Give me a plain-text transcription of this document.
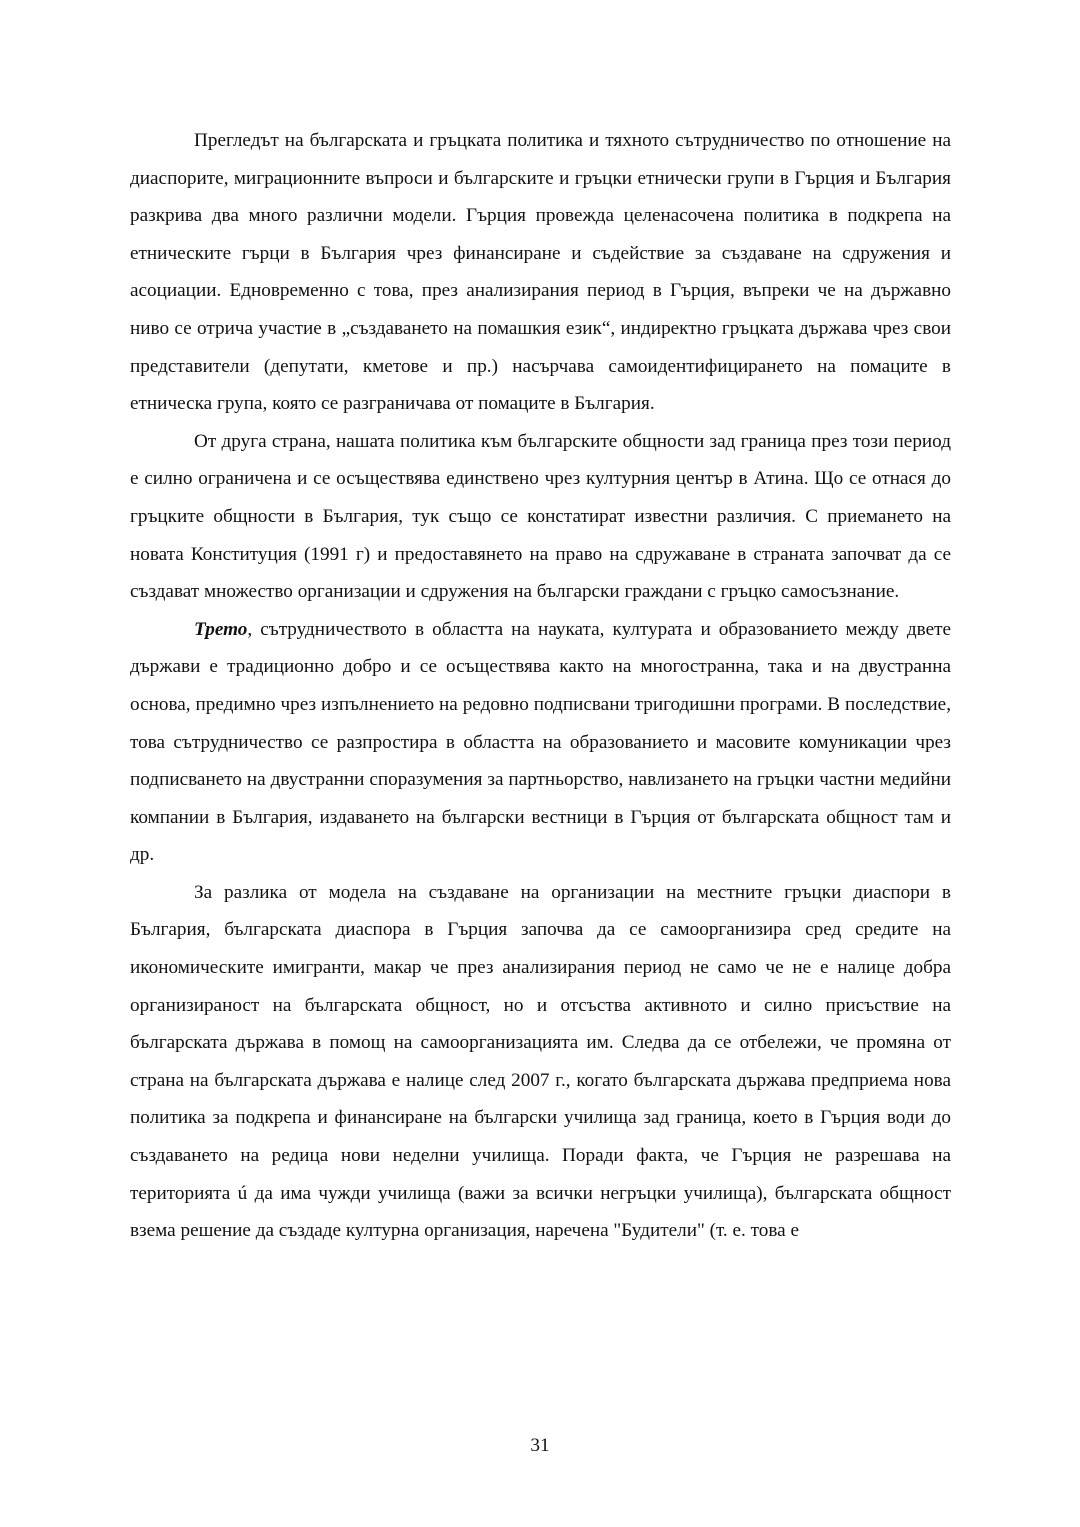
Прегледът на българската и гръцката политика и тяхното сътрудничество по отношение на диаспорите, миграционните въпроси и българските и гръцки етнически групи в Гърция и България разкрива два много различни модели. Гърция провежда целенасочена политика в подкрепа на етническите гърци в България чрез финансиране и съдействие за създаване на сдружения и асоциации. Едновременно с това, през анализирания период в Гърция, въпреки че на държавно ниво се отрича участие в „създаването на помашкия език“, индиректно гръцката държава чрез свои представители (депутати, кметове и пр.) насърчава самоидентифицирането на помаците в етническа група, която се разграничава от помаците в България.

От друга страна, нашата политика към българските общности зад граница през този период е силно ограничена и се осъществява единствено чрез културния център в Атина. Що се отнася до гръцките общности в България, тук също се констатират известни различия. С приемането на новата Конституция (1991 г) и предоставянето на право на сдружаване в страната започват да се създават множество организации и сдружения на български граждани с гръцко самосъзнание.

Трето, сътрудничеството в областта на науката, културата и образованието между двете държави е традиционно добро и се осъществява както на многостранна, така и на двустранна основа, предимно чрез изпълнението на редовно подписвани тригодишни програми. В последствие, това сътрудничество се разпростира в областта на образованието и масовите комуникации чрез подписването на двустранни споразумения за партньорство, навлизането на гръцки частни медийни компании в България, издаването на български вестници в Гърция от българската общност там и др.

За разлика от модела на създаване на организации на местните гръцки диаспори в България, българската диаспора в Гърция започва да се самоорганизира сред средите на икономическите имигранти, макар че през анализирания период не само че не е налице добра организираност на българската общност, но и отсъства активното и силно присъствие на българската държава в помощ на самоорганизацията им. Следва да се отбележи, че промяна от страна на българската държава е налице след 2007 г., когато българската държава предприема нова политика за подкрепа и финансиране на български училища зад граница, което в Гърция води до създаването на редица нови неделни училища. Поради факта, че Гърция не разрешава на територията ú да има чужди училища (важи за всички негръцки училища), българската общност взема решение да създаде културна организация, наречена "Будители" (т. е. това е

31
